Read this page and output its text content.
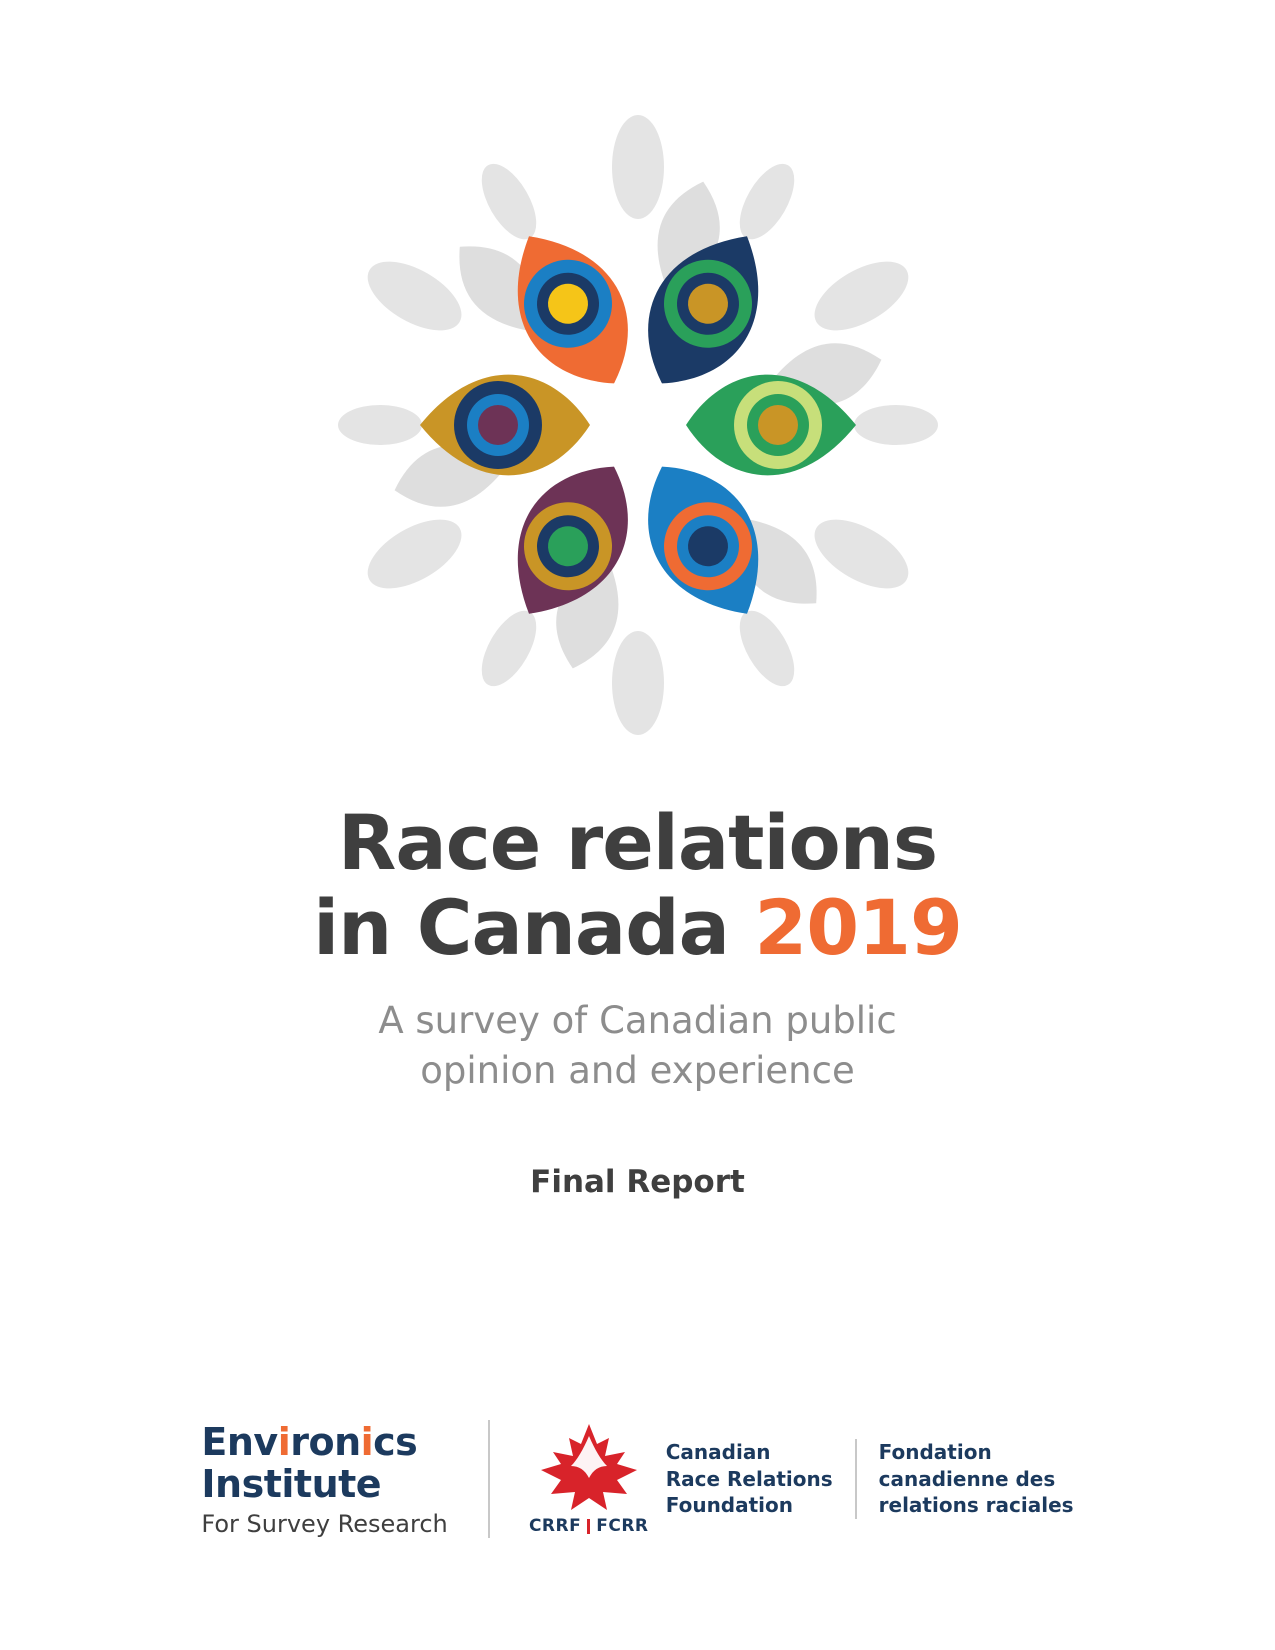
Race relations
in Canada 2019
A survey of Canadian public
opinion and experience
Final Report
Environics
Institute
For Survey Research	CRRF FCRR
Canadian
Race Relations
Foundation
Fondation
canadienne des
relations raciales
